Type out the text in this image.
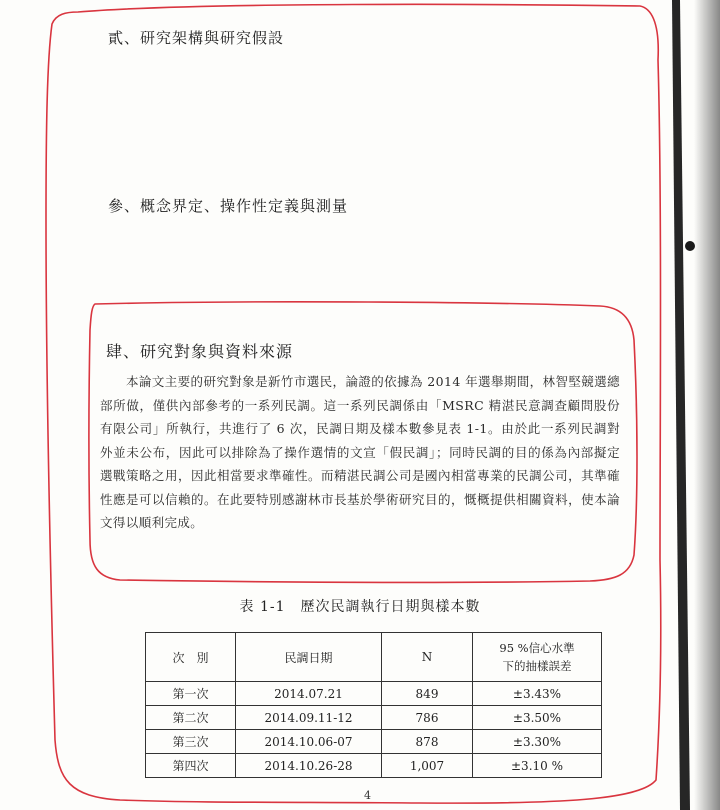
貳、研究架構與研究假設
參、概念界定、操作性定義與測量
肆、研究對象與資料來源
本論文主要的研究對象是新竹市選民，論證的依據為 2014 年選舉期間，林智堅競選總部所做，僅供內部參考的一系列民調。這一系列民調係由「MSRC 精湛民意調查顧問股份有限公司」所執行，共進行了 6 次，民調日期及樣本數參見表 1-1。由於此一系列民調對外並未公布，因此可以排除為了操作選情的文宣「假民調」；同時民調的目的係為內部擬定選戰策略之用，因此相當要求準確性。而精湛民調公司是國內相當專業的民調公司，其準確性應是可以信賴的。在此要特別感謝林市長基於學術研究目的，慨概提供相關資料，使本論文得以順利完成。
表 1-1　歷次民調執行日期與樣本數
次　別	民調日期	N	95 %信心水準
下的抽樣誤差

第一次	2014.07.21	849	±3.43%
第二次	2014.09.11-12	786	±3.50%
第三次	2014.10.06-07	878	±3.30%
第四次	2014.10.26-28	1,007	±3.10 %
4
